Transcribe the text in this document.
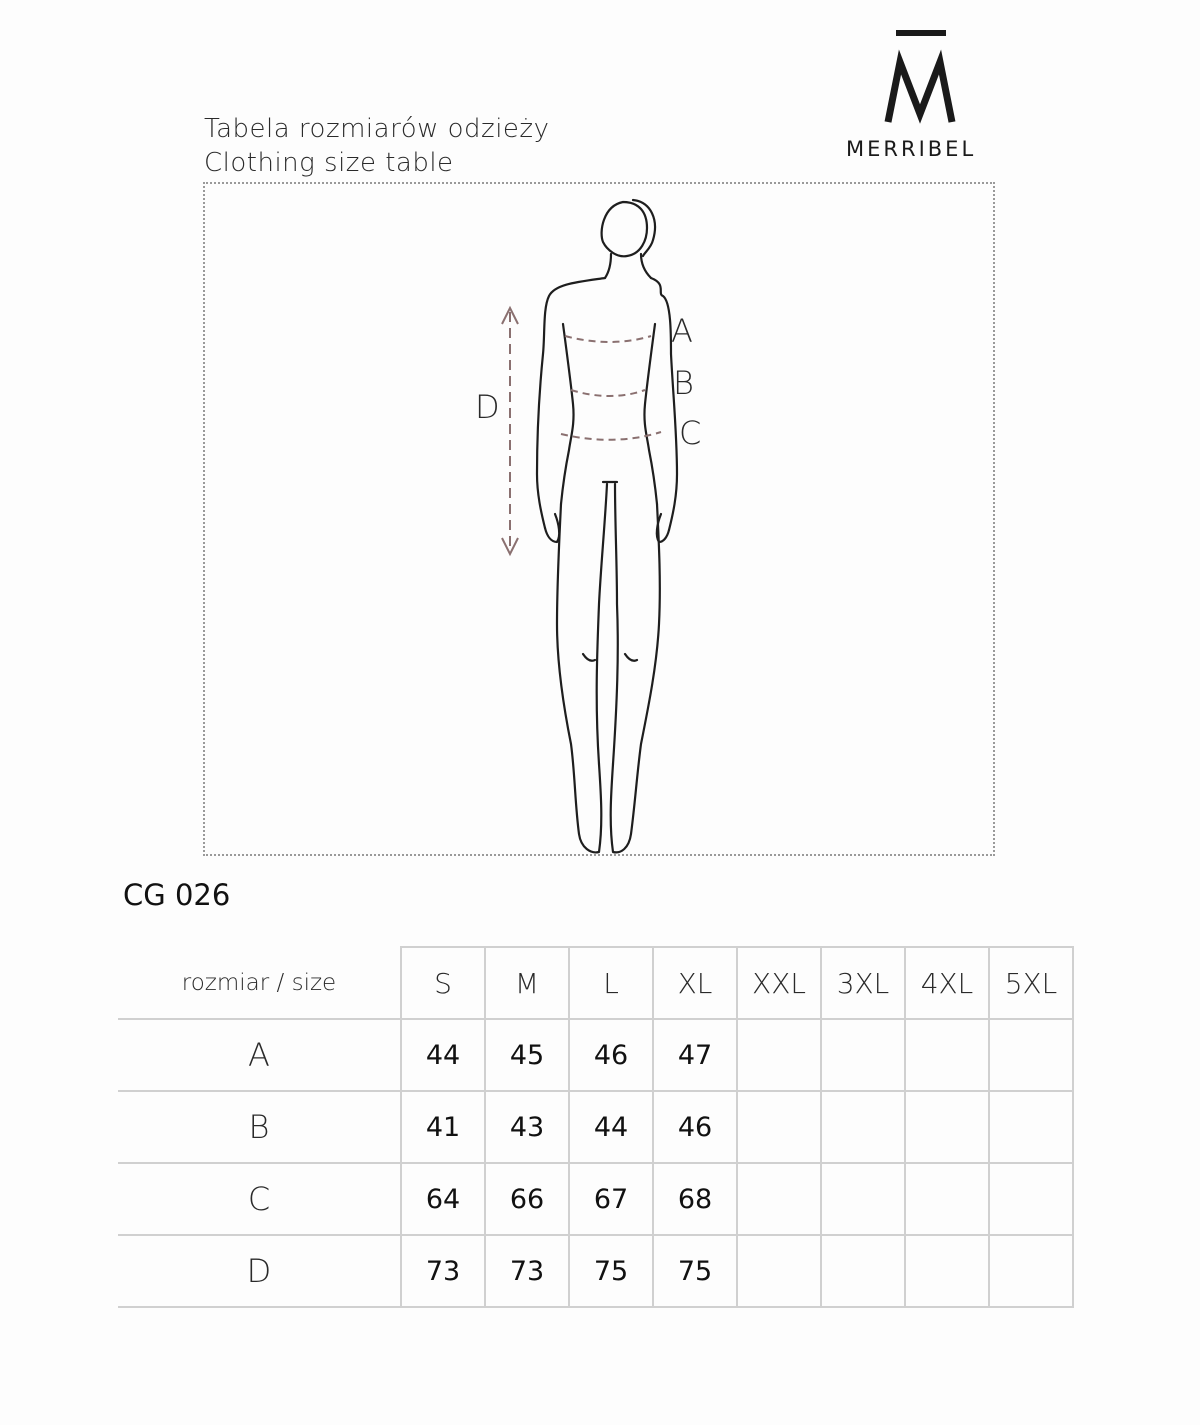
Tabela rozmiarów odzieży
Clothing size table	MERRIBEL
A
B
C
D
CG 026
rozmiar / size	S	M	L	XL	XXL	3XL	4XL	5XL
A	44	45	46	47				
B	41	43	44	46				
C	64	66	67	68				
D	73	73	75	75				
